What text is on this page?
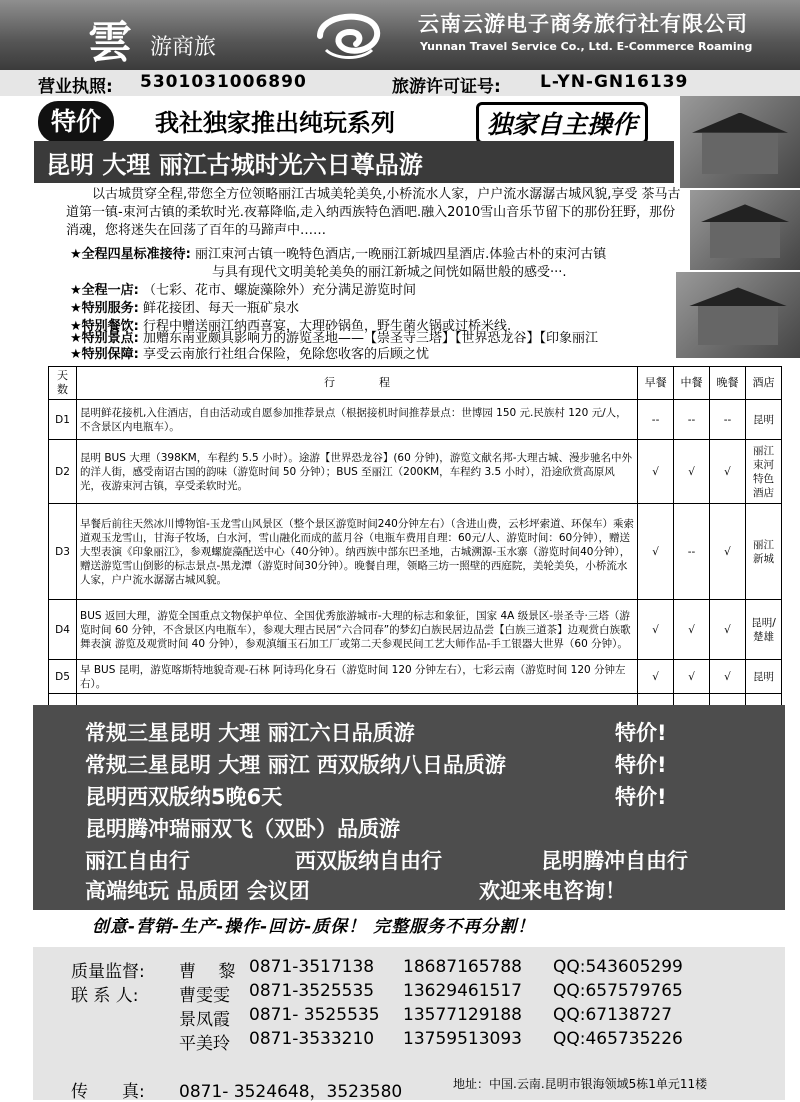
雲 游商旅
云南云游电子商务旅行社有限公司
Yunnan Travel Service Co., Ltd. E-Commerce Roaming
营业执照: 5301031006890	旅游许可证号: L-YN-GN16139
特价	我社独家推出纯玩系列	独家自主操作
昆明 大理 丽江古城时光六日尊品游
以古城贯穿全程,带您全方位领略丽江古城美轮美奂,小桥流水人家，户户流水潺潺古城风貌,享受 茶马古道第一镇-束河古镇的柔软时光.夜幕降临,走入纳西族特色酒吧.融入2010雪山音乐节留下的那份狂野，那份消魂，您将迷失在回荡了百年的马蹄声中……
★全程四星标准接待: 丽江束河古镇一晚特色酒店,一晚丽江新城四星酒店.体验古朴的束河古镇
与具有现代文明美轮美奂的丽江新城之间恍如隔世般的感受···.
★全程一店: （七彩、花市、螺旋藻除外）充分满足游览时间
★特别服务: 鲜花接团、每天一瓶矿泉水
★特别餐饮: 行程中赠送丽江纳西喜宴，大理砂锅鱼，野生菌火锅或过桥米线.
★特别景点: 加赠东南亚颇具影响力的游览圣地——【崇圣寺三塔】【世界恐龙谷】【印象丽江
★特别保障: 享受云南旅行社组合保险，免除您收客的后顾之忧
天数	行　　　　程	早餐	中餐	晚餐	酒店
D1	昆明鲜花接机,入住酒店，自由活动或自愿参加推荐景点（根据接机时间推荐景点：世博园 150 元.民族村 120 元/人，不含景区内电瓶车）。	--	--	--	昆明
D2	昆明 BUS 大理（398KM，车程约 5.5 小时）。途游【世界恐龙谷】(60 分钟)，游览文献名邦-大理古城、漫步驰名中外的洋人街，感受南诏古国的韵味（游览时间 50 分钟）；BUS 至丽江（200KM，车程约 3.5 小时），沿途欣赏高原风光，夜游束河古镇，享受柔软时光。	√	√	√	丽江束河特色酒店
D3	早餐后前往天然冰川博物馆-玉龙雪山风景区（整个景区游览时间240分钟左右）（含进山费，云杉坪索道、环保车）乘索道观玉龙雪山，甘海子牧场，白水河，雪山融化而成的蓝月谷（电瓶车费用自理：60元/人、游览时间：60分钟），赠送大型表演《印象丽江》，参观螺旋藻配送中心（40分钟）。纳西族中部东巴圣地，古城溯源-玉水寨（游览时间40分钟），赠送游览雪山倒影的标志景点-黑龙潭（游览时间30分钟）。晚餐自理，领略三坊一照壁的西庭院，美轮美奂，小桥流水人家，户户流水潺潺古城风貌。	√	--	√	丽江新城
D4	BUS 返回大理，游览全国重点文物保护单位、全国优秀旅游城市-大理的标志和象征，国家 4A 级景区-崇圣寺·三塔（游览时间 60 分钟，不含景区内电瓶车），参观大理古民居“六合同春”的梦幻白族民居边品尝【白族三道茶】边观赏白族歌舞表演 游览及观赏时间 40 分钟），参观滇缅玉石加工厂或第二天参观民间工艺大师作品-手工银器大世界（60 分钟）。	√	√	√	昆明/楚雄
D5	早 BUS 昆明，游览喀斯特地貌奇观-石林 阿诗玛化身石（游览时间 120 分钟左右），七彩云南（游览时间 120 分钟左右）。	√	√	√	昆明

常规三星昆明 大理 丽江六日品质游	特价!
常规三星昆明 大理 丽江 西双版纳八日品质游	特价!
昆明西双版纳5晚6天	特价!
昆明腾冲瑞丽双飞（双卧）品质游
丽江自由行	西双版纳自由行	昆明腾冲自由行
高端纯玩 品质团 会议团	欢迎来电咨询！
创意-营销-生产-操作-回访-质保！ 完整服务不再分割！
质量监督:
联 系 人:
传　　真:
曹　 黎 0871-3517138 18687165788 QQ:543605299
曹雯雯 0871-3525535 13629461517 QQ:657579765
景凤霞 0871- 3525535 13577129188 QQ:67138727
平美玲 0871-3533210 13759513093 QQ:465735226
0871- 3524648，3523580	地址：中国.云南.昆明市银海领域5栋1单元11楼
